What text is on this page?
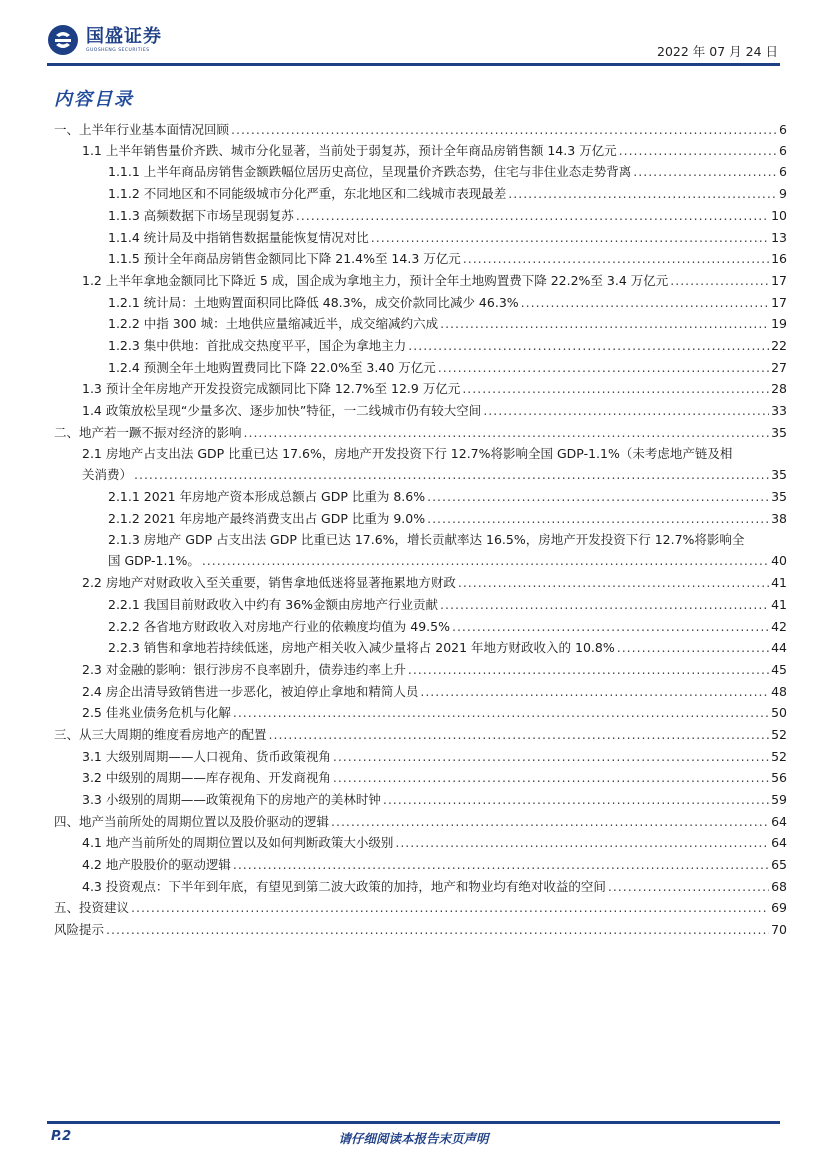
国盛证券
GUOSHENG SECURITIES	2022 年 07 月 24 日
内容目录
一、上半年行业基本面情况回顾 .....	6
1.1 上半年销售量价齐跌、城市分化显著，当前处于弱复苏，预计全年商品房销售额 14.3 万亿元 .....	6
1.1.1 上半年商品房销售金额跌幅位居历史高位，呈现量价齐跌态势，住宅与非住业态走势背离 .....	6
1.1.2 不同地区和不同能级城市分化严重，东北地区和二线城市表现最差 .....	9
1.1.3 高频数据下市场呈现弱复苏 .....	10
1.1.4 统计局及中指销售数据量能恢复情况对比 .....	13
1.1.5 预计全年商品房销售金额同比下降 21.4%至 14.3 万亿元 .....	16
1.2 上半年拿地金额同比下降近 5 成，国企成为拿地主力，预计全年土地购置费下降 22.2%至 3.4 万亿元 .....	17
1.2.1 统计局：土地购置面积同比降低 48.3%，成交价款同比减少 46.3% .....	17
1.2.2 中指 300 城：土地供应量缩减近半，成交缩减约六成 .....	19
1.2.3 集中供地：首批成交热度平平，国企为拿地主力 .....	22
1.2.4 预测全年土地购置费同比下降 22.0%至 3.40 万亿元 .....	27
1.3 预计全年房地产开发投资完成额同比下降 12.7%至 12.9 万亿元 .....	28
1.4 政策放松呈现“少量多次、逐步加快”特征，一二线城市仍有较大空间 .....	33
二、地产若一蹶不振对经济的影响 .....	35
2.1 房地产占支出法 GDP 比重已达 17.6%，房地产开发投资下行 12.7%将影响全国 GDP-1.1%（未考虑地产链及相
关消费） .....	35
2.1.1 2021 年房地产资本形成总额占 GDP 比重为 8.6% .....	35
2.1.2 2021 年房地产最终消费支出占 GDP 比重为 9.0% .....	38
2.1.3 房地产 GDP 占支出法 GDP 比重已达 17.6%，增长贡献率达 16.5%，房地产开发投资下行 12.7%将影响全
国 GDP-1.1%。 .....	40
2.2 房地产对财政收入至关重要，销售拿地低迷将显著拖累地方财政 .....	41
2.2.1 我国目前财政收入中约有 36%金额由房地产行业贡献 .....	41
2.2.2 各省地方财政收入对房地产行业的依赖度均值为 49.5% .....	42
2.2.3 销售和拿地若持续低迷，房地产相关收入减少量将占 2021 年地方财政收入的 10.8% .....	44
2.3 对金融的影响：银行涉房不良率剧升，债券违约率上升 .....	45
2.4 房企出清导致销售进一步恶化，被迫停止拿地和精简人员 .....	48
2.5 佳兆业债务危机与化解 .....	50
三、从三大周期的维度看房地产的配置 .....	52
3.1 大级别周期——人口视角、货币政策视角 .....	52
3.2 中级别的周期——库存视角、开发商视角 .....	56
3.3 小级别的周期——政策视角下的房地产的美林时钟 .....	59
四、地产当前所处的周期位置以及股价驱动的逻辑 .....	64
4.1 地产当前所处的周期位置以及如何判断政策大小级别 .....	64
4.2 地产股股价的驱动逻辑 .....	65
4.3 投资观点：下半年到年底，有望见到第二波大政策的加持，地产和物业均有绝对收益的空间 .....	68
五、投资建议 .....	69
风险提示 .....	70
P.2	请仔细阅读本报告末页声明
